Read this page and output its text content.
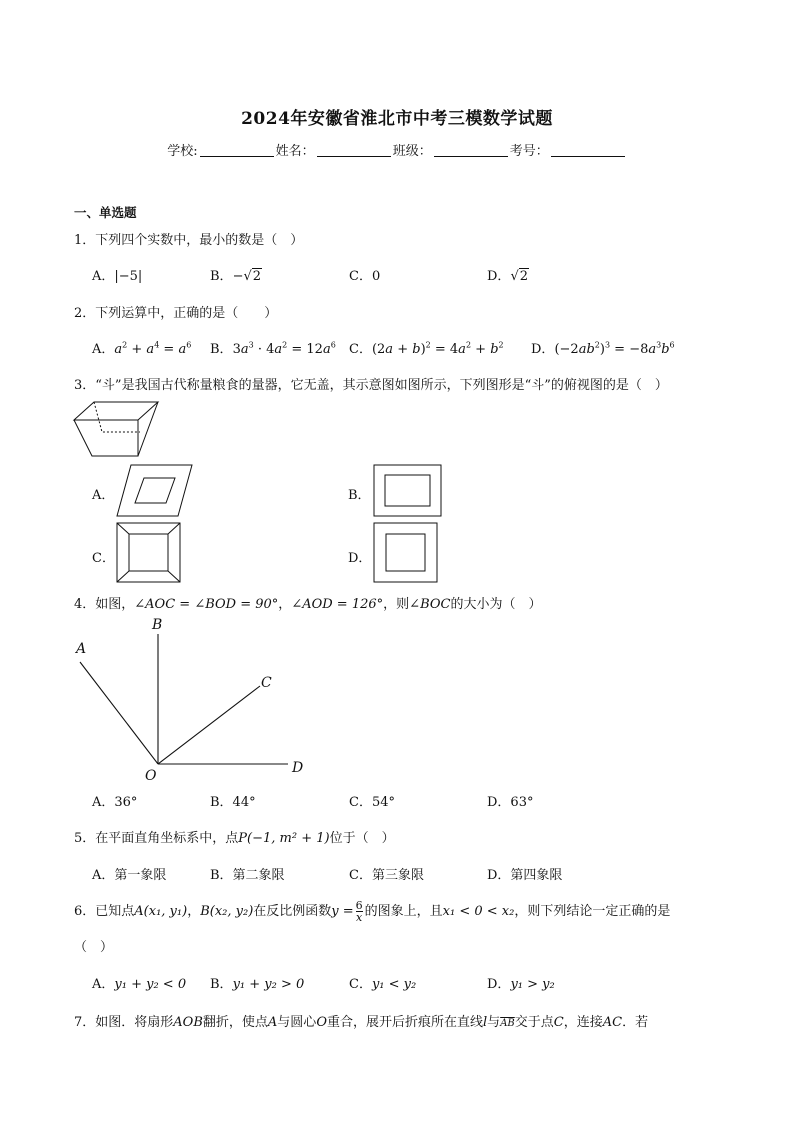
2024年安徽省淮北市中考三模数学试题
学校:	姓名：	班级：	考号：
一、单选题
1．下列四个实数中，最小的数是（　）
A．|−5|	B．−√2	C．0	D．√2
2．下列运算中，正确的是（　　）
A．$a^2 + a^4 = a^6$ B．$3a^3 \cdot 4a^2 = 12a^6$ C．$(2a + b)^2 = 4a^2 + b^2$ D．$(-2ab^2)^3 = -8a^3b^6$
3．“斗”是我国古代称量粮食的量器，它无盖，其示意图如图所示，下列图形是“斗”的俯视图的是（　）
A．	B．
C．	D．
4．如图，∠AOC = ∠BOD = 90°，∠AOD = 126°，则∠BOC的大小为（　）
B
A
C
D
O
A．36°	B．44°	C．54°	D．63°
5．在平面直角坐标系中，点P(−1, m² + 1)位于（　）
A．第一象限	B．第二象限	C．第三象限	D．第四象限
6．已知点A(x₁, y₁)，B(x₂, y₂)在反比例函数$y = \frac{6}{x}$ 的图象上，且x₁ < 0 < x₂，则下列结论一定正确的是
（　）
A．y₁ + y₂ < 0 B．y₁ + y₂ > 0	C．y₁ < y₂	D．y₁ > y₂
7．如图．将扇形AOB翻折，使点A与圆心O重合，展开后折痕所在直线l与$\overline{AB}$交于点C，连接AC．若
